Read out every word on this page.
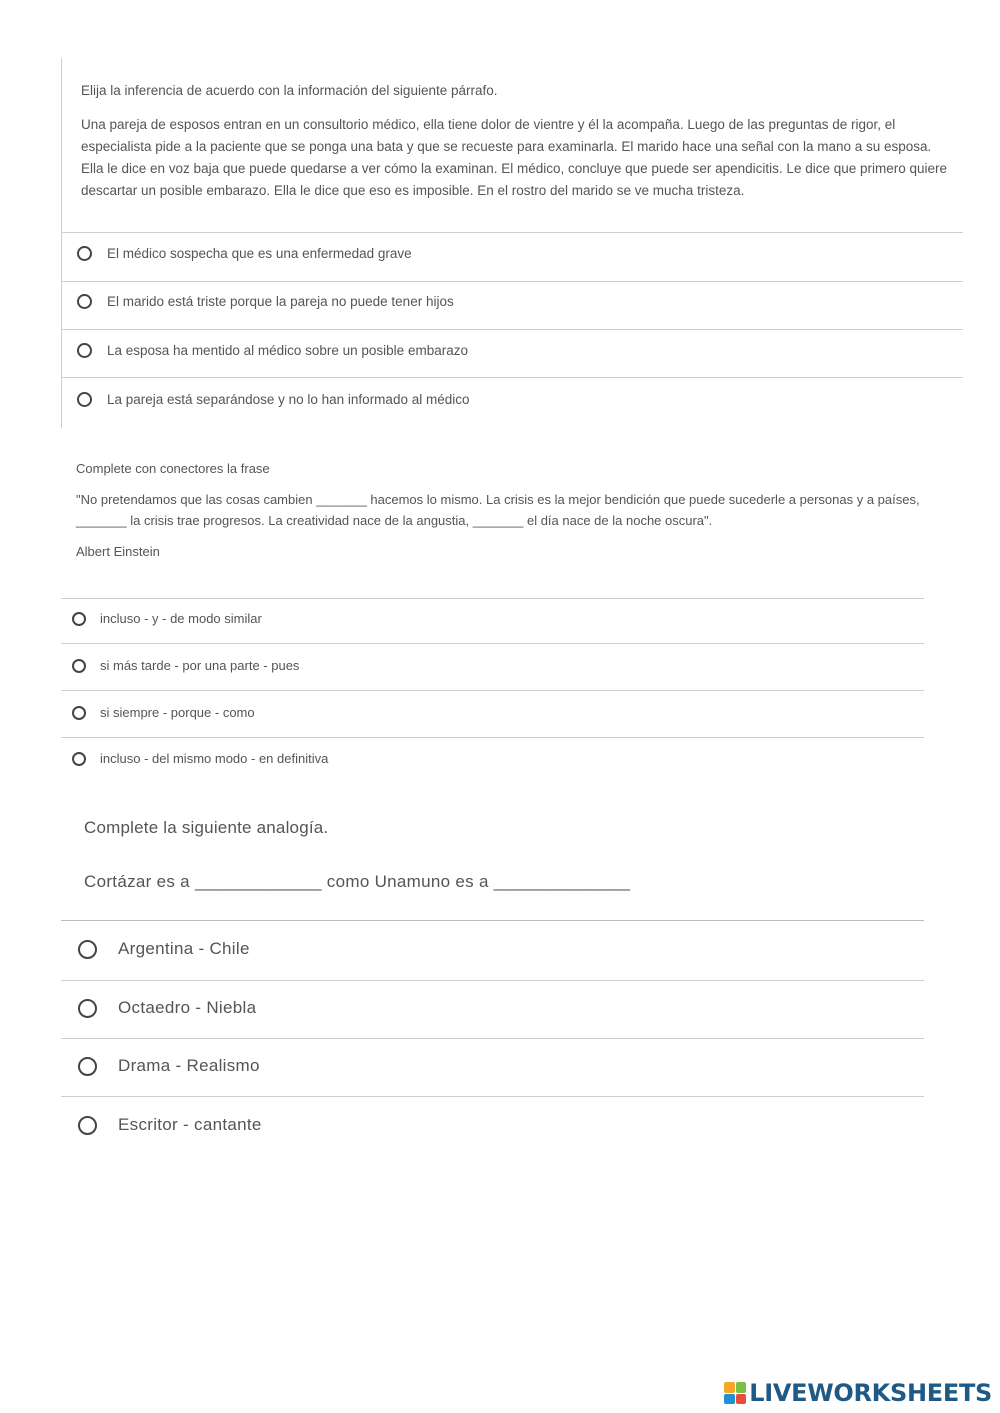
Elija la inferencia de acuerdo con la información del siguiente párrafo.

Una pareja de esposos entran en un consultorio médico, ella tiene dolor de vientre y él la acompaña. Luego de las preguntas de rigor, el especialista pide a la paciente que se ponga una bata y que se recueste para examinarla. El marido hace una señal con la mano a su esposa. Ella le dice en voz baja que puede quedarse a ver cómo la examinan. El médico, concluye que puede ser apendicitis. Le dice que primero quiere descartar un posible embarazo. Ella le dice que eso es imposible. En el rostro del marido se ve mucha tristeza.

El médico sospecha que es una enfermedad grave
El marido está triste porque la pareja no puede tener hijos
La esposa ha mentido al médico sobre un posible embarazo
La pareja está separándose y no lo han informado al médico

Complete con conectores la frase

"No pretendamos que las cosas cambien _______ hacemos lo mismo. La crisis es la mejor bendición que puede sucederle a personas y a países, _______ la crisis trae progresos. La creatividad nace de la angustia, _______ el día nace de la noche oscura".

Albert Einstein

incluso - y - de modo similar
si más tarde - por una parte - pues
si siempre - porque - como
incluso - del mismo modo - en definitiva
Complete la siguiente analogía.
Cortázar es a _____________ como Unamuno es a ______________
Argentina - Chile
Octaedro - Niebla
Drama - Realismo
Escritor - cantante
LIVEWORKSHEETS
